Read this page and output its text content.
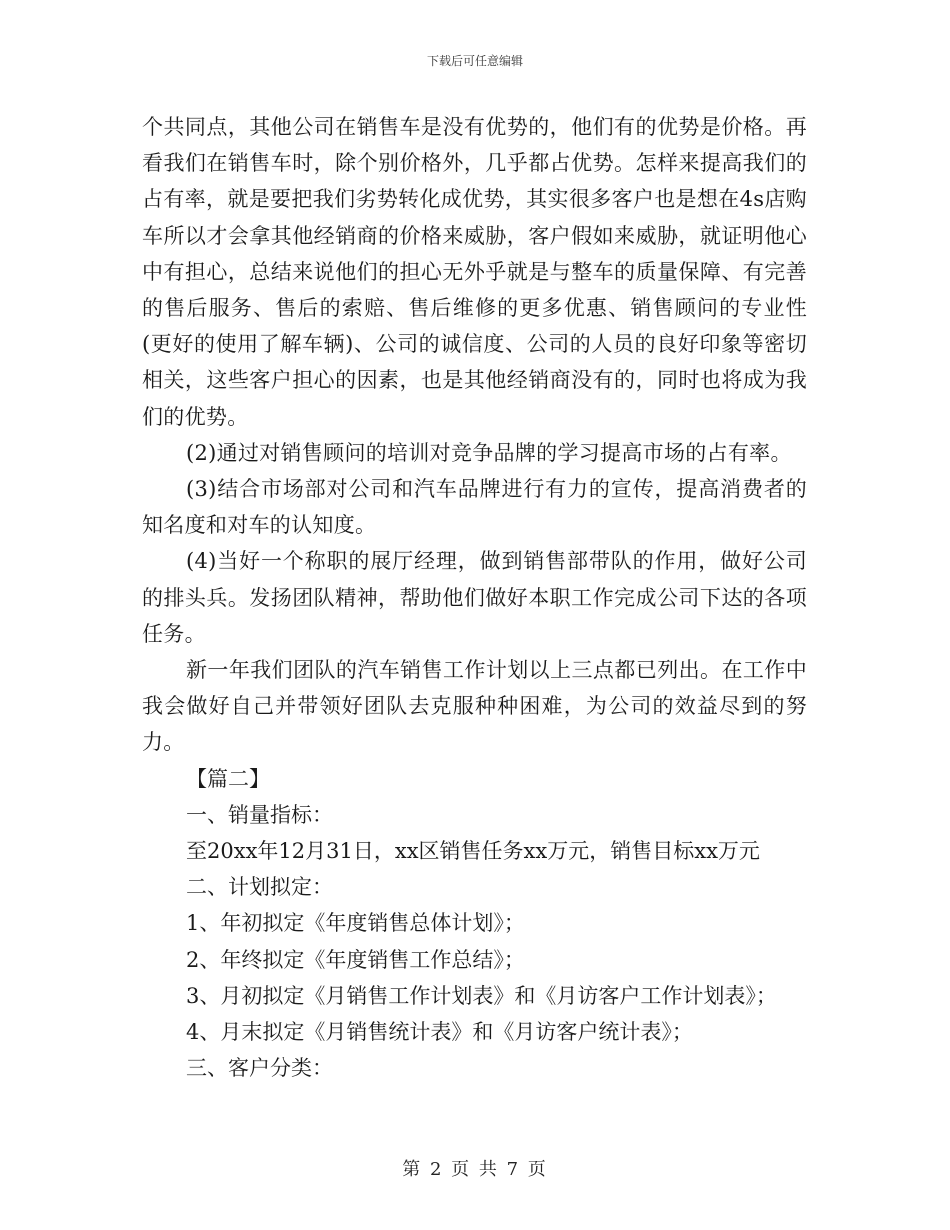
下载后可任意编辑

个共同点，其他公司在销售车是没有优势的，他们有的优势是价格。再看我们在销售车时，除个别价格外，几乎都占优势。怎样来提高我们的占有率，就是要把我们劣势转化成优势，其实很多客户也是想在4s店购车所以才会拿其他经销商的价格来威胁，客户假如来威胁，就证明他心中有担心，总结来说他们的担心无外乎就是与整车的质量保障、有完善的售后服务、售后的索赔、售后维修的更多优惠、销售顾问的专业性(更好的使用了解车辆)、公司的诚信度、公司的人员的良好印象等密切相关，这些客户担心的因素，也是其他经销商没有的，同时也将成为我们的优势。

(2)通过对销售顾问的培训对竞争品牌的学习提高市场的占有率。

(3)结合市场部对公司和汽车品牌进行有力的宣传，提高消费者的知名度和对车的认知度。

(4)当好一个称职的展厅经理，做到销售部带队的作用，做好公司的排头兵。发扬团队精神，帮助他们做好本职工作完成公司下达的各项任务。

新一年我们团队的汽车销售工作计划以上三点都已列出。在工作中我会做好自己并带领好团队去克服种种困难，为公司的效益尽到的努力。

【篇二】

一、销量指标：

至20xx年12月31日，xx区销售任务xx万元，销售目标xx万元

二、计划拟定：

1、年初拟定《年度销售总体计划》；

2、年终拟定《年度销售工作总结》；

3、月初拟定《月销售工作计划表》和《月访客户工作计划表》；

4、月末拟定《月销售统计表》和《月访客户统计表》；

三、客户分类：

第 2 页 共 7 页
